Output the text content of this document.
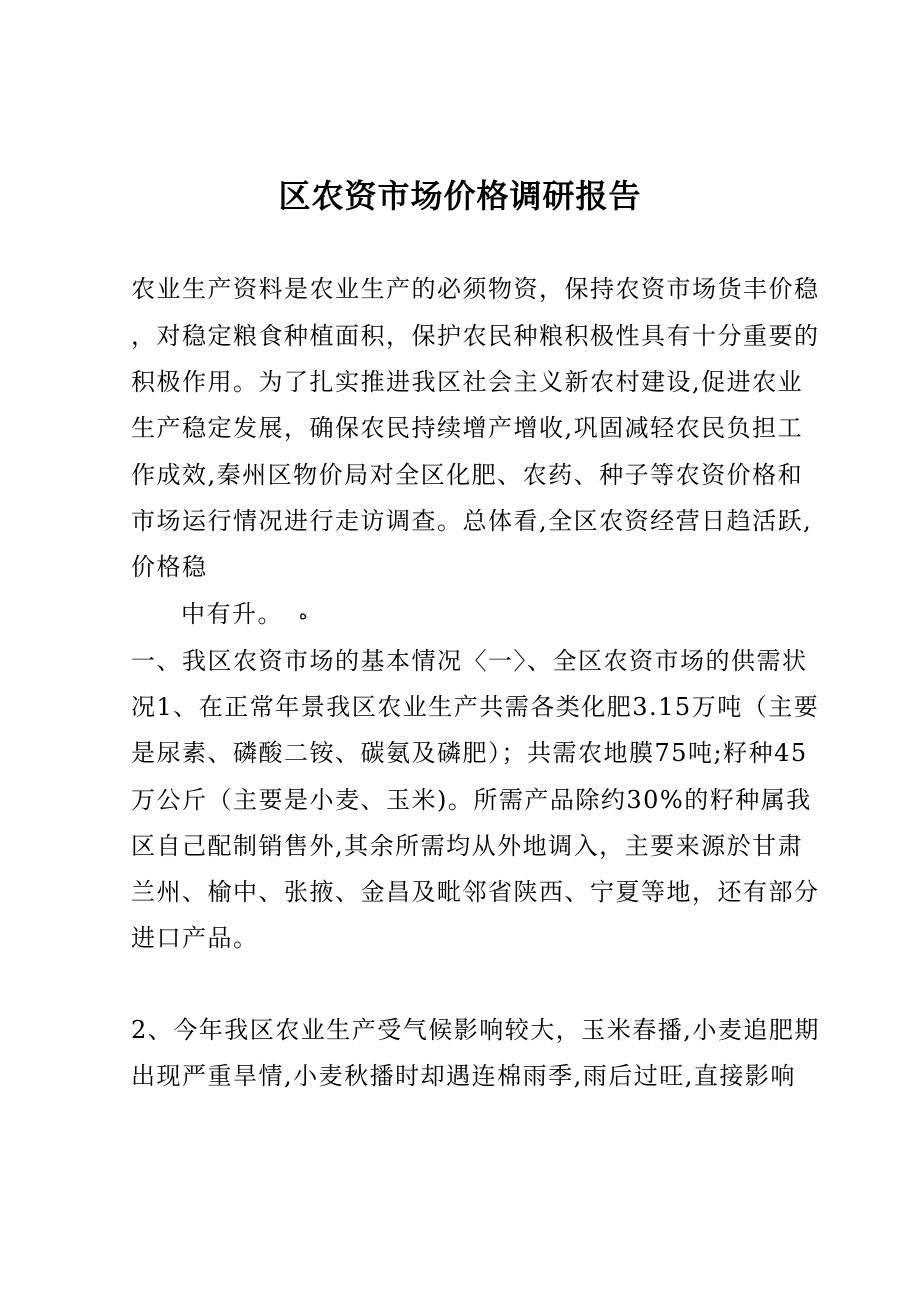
区农资市场价格调研报告
农业生产资料是农业生产的必须物资，保持农资市场货丰价稳
，对稳定粮食种植面积，保护农民种粮积极性具有十分重要的
积极作用。为了扎实推进我区社会主义新农村建设,促进农业
生产稳定发展，确保农民持续增产增收,巩固减轻农民负担工
作成效,秦州区物价局对全区化肥、农药、种子等农资价格和
市场运行情况进行走访调查。总体看,全区农资经营日趋活跃,
价格稳
中有升。 ﻩ
一、我区农资市场的基本情况〈一〉、全区农资市场的供需状
况1、在正常年景我区农业生产共需各类化肥3.15万吨（主要
是尿素、磷酸二铵、碳氨及磷肥）；共需农地膜75吨;籽种45
万公斤（主要是小麦、玉米)。所需产品除约30%的籽种属我
区自己配制销售外,其余所需均从外地调入，主要来源於甘肃
兰州、榆中、张掖、金昌及毗邻省陕西、宁夏等地，还有部分
进口产品。
2、今年我区农业生产受气候影响较大，玉米春播,小麦追肥期
出现严重旱情,小麦秋播时却遇连棉雨季,雨后过旺,直接影响
